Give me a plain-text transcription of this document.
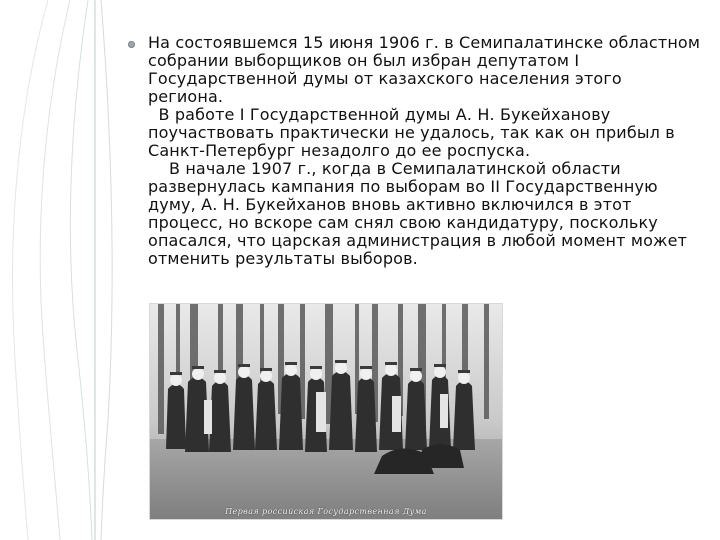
На состоявшемся 15 июня 1906 г. в Семипалатинске областном собрании выборщиков он был избран депутатом I Государственной думы от казахского населения этого региона.

В работе I Государственной думы А. Н. Букейханову поучаствовать практически не удалось, так как он прибыл в Санкт-Петербург незадолго до ее роспуска.

В начале 1907 г., когда в Семипалатинской области развернулась кампания по выборам во II Государственную думу, А. Н. Букейханов вновь активно включился в этот процесс, но вскоре сам снял свою кандидатуру, поскольку опасался, что царская администрация в любой момент может отменить результаты выборов.

Первая российская Государственная Дума
